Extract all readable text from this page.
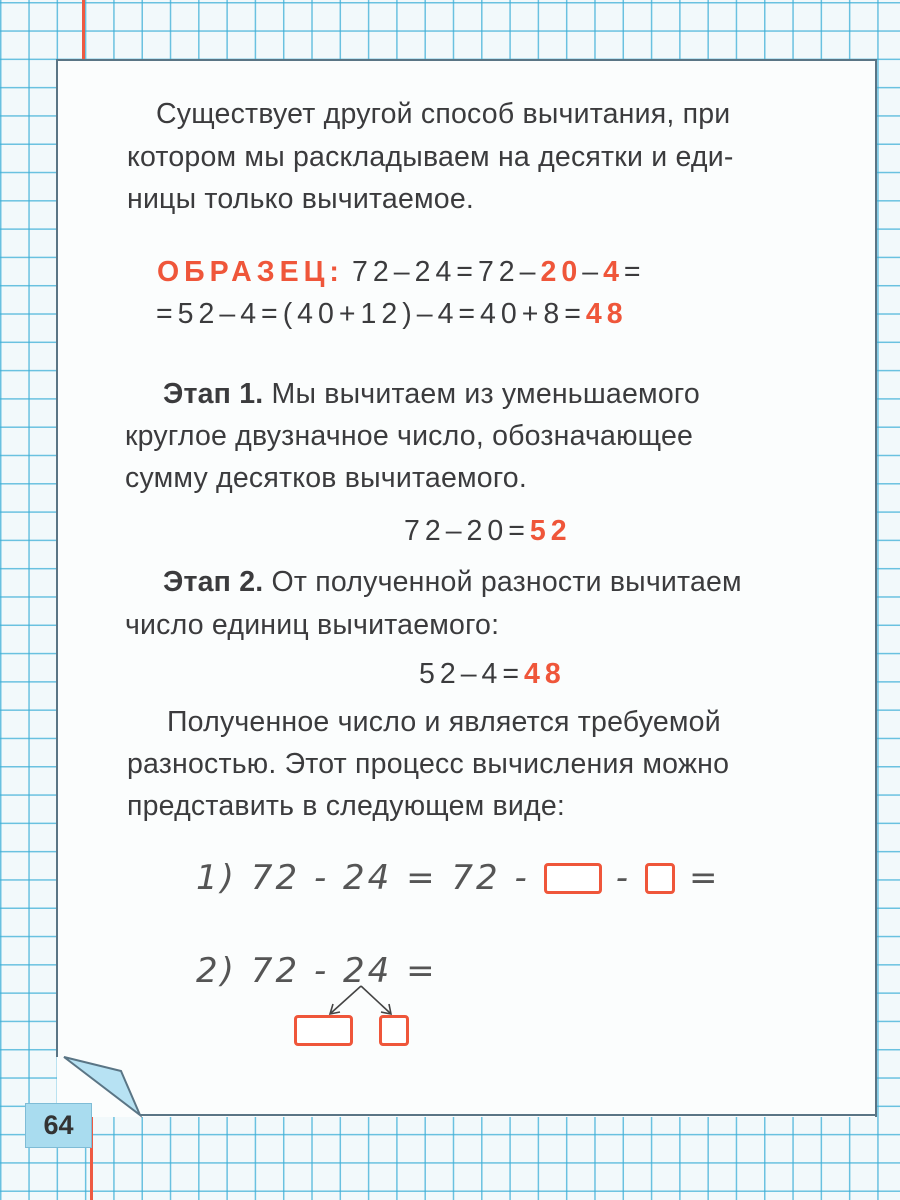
Существует другой способ вычитания, при
котором мы раскладываем на десятки и еди-
ницы только вычитаемое.
ОБРАЗЕЦ: 72–24=72–20–4=
=52–4=(40+12)–4=40+8=48
Этап 1. Мы вычитаем из уменьшаемого
круглое двузначное число, обозначающее
сумму десятков вычитаемого.
72–20=52
Этап 2. От полученной разности вычитаем
число единиц вычитаемого:
52–4=48
Полученное число и является требуемой
разностью. Этот процесс вычисления можно
представить в следующем виде:
1) 72 - 24 = 72 -	- =
2) 72 - 24 =
64
